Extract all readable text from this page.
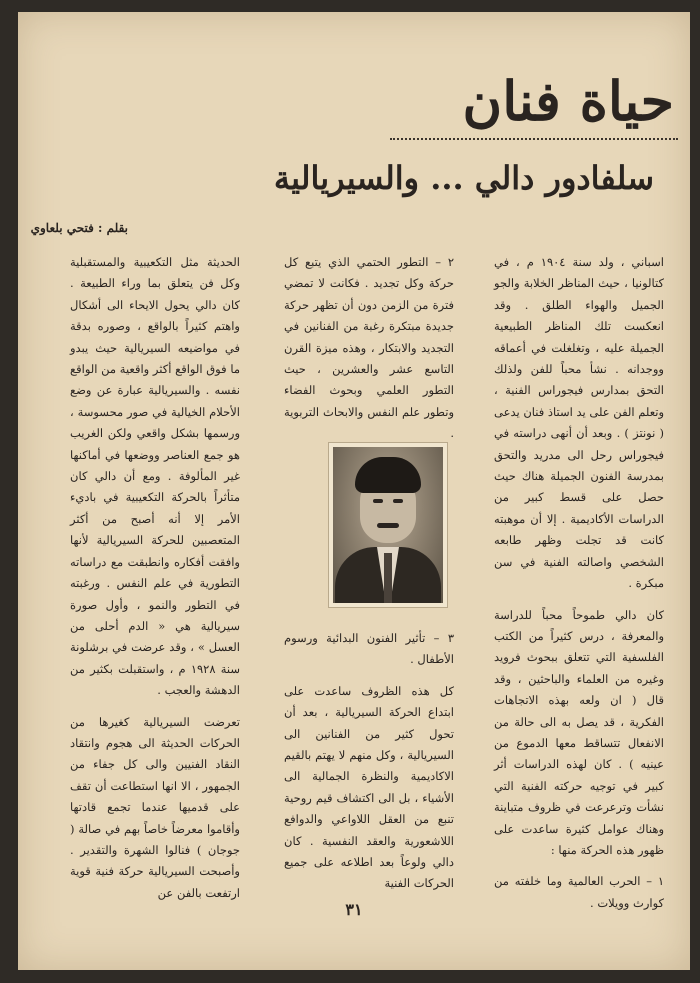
حياة فنان
سلفادور دالي ... والسيريالية
بقلم : فتحي بلعاوي

اسباني ، ولد سنة ١٩٠٤ م ، في كتالونيا ، حيث المناظر الخلابة والجو الجميل والهواء الطلق . وقد انعكست تلك المناظر الطبيعية الجميلة عليه ، وتغلغلت في أعماقه ووجدانه . نشأ محباً للفن ولذلك التحق بمدارس فيجوراس الفنية ، وتعلم الفن على يد استاذ فنان يدعى ( نونتز ) . وبعد أن أنهى دراسته في فيجوراس رحل الى مدريد والتحق بمدرسة الفنون الجميلة هناك حيث حصل على قسط كبير من الدراسات الأكاديمية . إلا أن موهبته كانت قد تجلت وظهر طابعه الشخصي واصالته الفنية في سن مبكرة .

كان دالي طموحاً محباً للدراسة والمعرفة ، درس كثيراً من الكتب الفلسفية التي تتعلق ببحوث فرويد وغيره من العلماء والباحثين ، وقد قال ( ان ولعه بهذه الاتجاهات الفكرية ، قد يصل به الى حالة من الانفعال تتساقط معها الدموع من عينيه ) . كان لهذه الدراسات أثر كبير في توجيه حركته الفنية التي نشأت وترعرعت في ظروف متباينة وهناك عوامل كثيرة ساعدت على ظهور هذه الحركة منها :

١ – الحرب العالمية وما خلفته من كوارث وويلات .

٢ – التطور الحتمي الذي يتبع كل حركة وكل تجديد . فكانت لا تمضي فترة من الزمن دون أن تظهر حركة جديدة مبتكرة رغبة من الفنانين في التجديد والابتكار ، وهذه ميزة القرن التاسع عشر والعشرين ، حيث التطور العلمي وبحوث الفضاء وتطور علم النفس والابحاث التربوية .

٣ – تأثير الفنون البدائية ورسوم الأطفال .

كل هذه الظروف ساعدت على ابتداع الحركة السيريالية ، بعد أن تحول كثير من الفنانين الى السيريالية ، وكل منهم لا يهتم بالقيم الاكاديمية والنظرة الجمالية الى الأشياء ، بل الى اكتشاف قيم روحية تنبع من العقل اللاواعي والدوافع اللاشعورية والعقد النفسية . كان دالي ولوعاً بعد اطلاعه على جميع الحركات الفنية

الحديثة مثل التكعيبية والمستقبلية وكل فن يتعلق بما وراء الطبيعة . كان دالي يحول الايحاء الى أشكال واهتم كثيراً بالواقع ، وصوره بدقة في مواضيعه السيريالية حيث يبدو ما فوق الواقع أكثر واقعية من الواقع نفسه . والسيريالية عبارة عن وضع الأحلام الخيالية في صور محسوسة ، ورسمها بشكل واقعي ولكن الغريب هو جمع العناصر ووضعها في أماكنها غير المألوفة . ومع أن دالي كان متأثراً بالحركة التكعيبية في باديء الأمر إلا أنه أصبح من أكثر المتعصبين للحركة السيريالية لأنها وافقت أفكاره وانطبقت مع دراساته التطورية في علم النفس . ورغبته في التطور والنمو ، وأول صورة سيريالية هي « الدم أحلى من العسل » ، وقد عرضت في برشلونة سنة ١٩٢٨ م ، واستقبلت بكثير من الدهشة والعجب .

تعرضت السيريالية كغيرها من الحركات الحديثة الى هجوم وانتقاد النقاد الفنيين والى كل جفاء من الجمهور ، الا انها استطاعت أن تقف على قدميها عندما تجمع قادتها وأقاموا معرضاً خاصاً بهم في صالة ( جوجان ) فنالوا الشهرة والتقدير . وأصبحت السيريالية حركة فنية قوية ارتفعت بالفن عن

٣١
